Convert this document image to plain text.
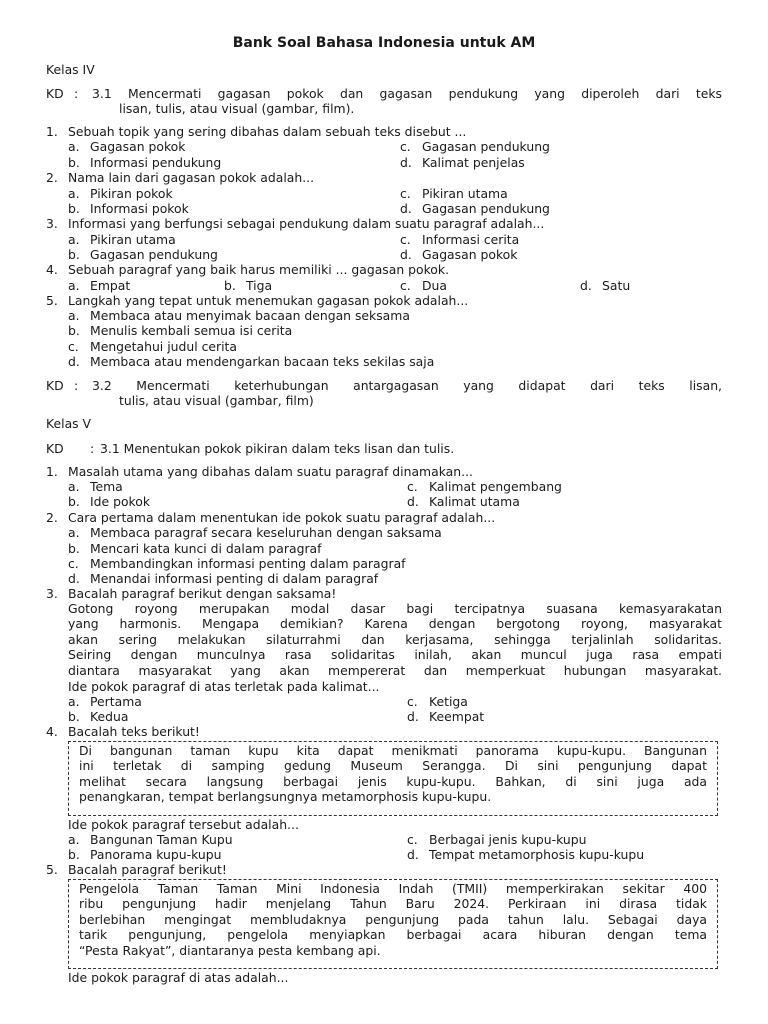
Bank Soal Bahasa Indonesia untuk AM
Kelas IV
KD :	3.1 Mencermati gagasan pokok dan gagasan pendukung yang diperoleh dari teks
lisan, tulis, atau visual (gambar, film).
1. Sebuah topik yang sering dibahas dalam sebuah teks disebut ...
a. Gagasan pokok	c. Gagasan pendukung
b. Informasi pendukung	d. Kalimat penjelas
2. Nama lain dari gagasan pokok adalah...
a. Pikiran pokok	c. Pikiran utama
b. Informasi pokok	d. Gagasan pendukung
3. Informasi yang berfungsi sebagai pendukung dalam suatu paragraf adalah...
a. Pikiran utama	c. Informasi cerita
b. Gagasan pendukung	d. Gagasan pokok
4. Sebuah paragraf yang baik harus memiliki ... gagasan pokok.
a. Empat	b. Tiga	c. Dua	d. Satu
5. Langkah yang tepat untuk menemukan gagasan pokok adalah...
a. Membaca atau menyimak bacaan dengan seksama
b. Menulis kembali semua isi cerita
c. Mengetahui judul cerita
d. Membaca atau mendengarkan bacaan teks sekilas saja
KD :	3.2 Mencermati keterhubungan antargagasan yang didapat dari teks lisan,
tulis, atau visual (gambar, film)
Kelas V
KD	: 3.1 Menentukan pokok pikiran dalam teks lisan dan tulis.
1. Masalah utama yang dibahas dalam suatu paragraf dinamakan...
a. Tema	c. Kalimat pengembang
b. Ide pokok	d. Kalimat utama
2. Cara pertama dalam menentukan ide pokok suatu paragraf adalah...
a. Membaca paragraf secara keseluruhan dengan saksama
b. Mencari kata kunci di dalam paragraf
c. Membandingkan informasi penting dalam paragraf
d. Menandai informasi penting di dalam paragraf
3. Bacalah paragraf berikut dengan saksama!
Gotong royong merupakan modal dasar bagi tercipatnya suasana kemasyarakatan
yang harmonis. Mengapa demikian? Karena dengan bergotong royong, masyarakat
akan sering melakukan silaturrahmi dan kerjasama, sehingga terjalinlah solidaritas.
Seiring dengan munculnya rasa solidaritas inilah, akan muncul juga rasa empati
diantara masyarakat yang akan mempererat dan memperkuat hubungan masyarakat.
Ide pokok paragraf di atas terletak pada kalimat...
a. Pertama	c. Ketiga
b. Kedua	d. Keempat
4. Bacalah teks berikut!
Di bangunan taman kupu kita dapat menikmati panorama kupu-kupu. Bangunan
ini terletak di samping gedung Museum Serangga. Di sini pengunjung dapat
melihat secara langsung berbagai jenis kupu-kupu. Bahkan, di sini juga ada
penangkaran, tempat berlangsungnya metamorphosis kupu-kupu.
Ide pokok paragraf tersebut adalah...
a. Bangunan Taman Kupu	c. Berbagai jenis kupu-kupu
b. Panorama kupu-kupu	d. Tempat metamorphosis kupu-kupu
5. Bacalah paragraf berikut!
Pengelola Taman Taman Mini Indonesia Indah (TMII) memperkirakan sekitar 400
ribu pengunjung hadir menjelang Tahun Baru 2024. Perkiraan ini dirasa tidak
berlebihan mengingat membludaknya pengunjung pada tahun lalu. Sebagai daya
tarik pengunjung, pengelola menyiapkan berbagai acara hiburan dengan tema
“Pesta Rakyat”, diantaranya pesta kembang api.
Ide pokok paragraf di atas adalah...
